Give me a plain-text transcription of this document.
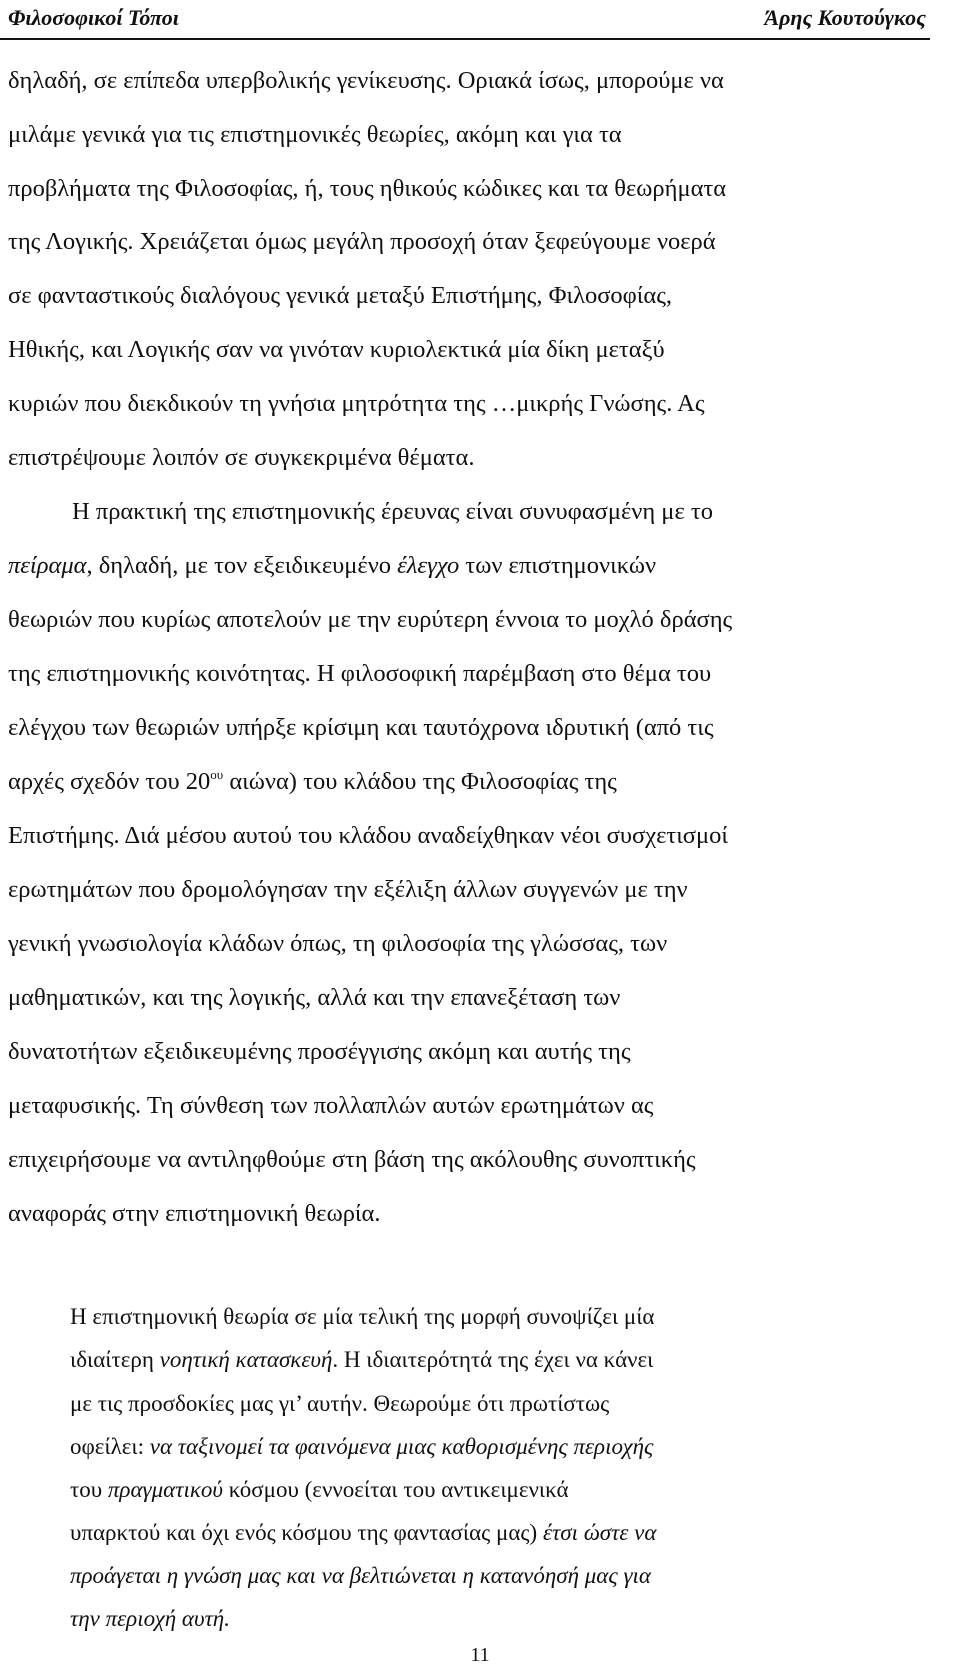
Φιλοσοφικοί Τόποι	Άρης Κουτούγκος
δηλαδή, σε επίπεδα υπερβολικής γενίκευσης. Οριακά ίσως, μπορούμε να
μιλάμε γενικά για τις επιστημονικές θεωρίες, ακόμη και για τα
προβλήματα της Φιλοσοφίας, ή, τους ηθικούς κώδικες και τα θεωρήματα
της Λογικής. Χρειάζεται όμως μεγάλη προσοχή όταν ξεφεύγουμε νοερά
σε φανταστικούς διαλόγους γενικά μεταξύ Επιστήμης, Φιλοσοφίας,
Ηθικής, και Λογικής σαν να γινόταν κυριολεκτικά μία δίκη μεταξύ
κυριών που διεκδικούν τη γνήσια μητρότητα της …μικρής Γνώσης. Ας
επιστρέψουμε λοιπόν σε συγκεκριμένα θέματα.
Η πρακτική της επιστημονικής έρευνας είναι συνυφασμένη με το
πείραμα, δηλαδή, με τον εξειδικευμένο έλεγχο των επιστημονικών
θεωριών που κυρίως αποτελούν με την ευρύτερη έννοια το μοχλό δράσης
της επιστημονικής κοινότητας. Η φιλοσοφική παρέμβαση στο θέμα του
ελέγχου των θεωριών υπήρξε κρίσιμη και ταυτόχρονα ιδρυτική (από τις
αρχές σχεδόν του $20^{o\upsilon}$ αιώνα) του κλάδου της Φιλοσοφίας της
Επιστήμης. Διά μέσου αυτού του κλάδου αναδείχθηκαν νέοι συσχετισμοί
ερωτημάτων που δρομολόγησαν την εξέλιξη άλλων συγγενών με την
γενική γνωσιολογία κλάδων όπως, τη φιλοσοφία της γλώσσας, των
μαθηματικών, και της λογικής, αλλά και την επανεξέταση των
δυνατοτήτων εξειδικευμένης προσέγγισης ακόμη και αυτής της
μεταφυσικής. Τη σύνθεση των πολλαπλών αυτών ερωτημάτων ας
επιχειρήσουμε να αντιληφθούμε στη βάση της ακόλουθης συνοπτικής
αναφοράς στην επιστημονική θεωρία.
Η επιστημονική θεωρία σε μία τελική της μορφή συνοψίζει μία
ιδιαίτερη νοητική κατασκευή. Η ιδιαιτερότητά της έχει να κάνει
με τις προσδοκίες μας γι’ αυτήν. Θεωρούμε ότι πρωτίστως
οφείλει: να ταξινομεί τα φαινόμενα μιας καθορισμένης περιοχής
του πραγματικού κόσμου (εννοείται του αντικειμενικά
υπαρκτού και όχι ενός κόσμου της φαντασίας μας) έτσι ώστε να
προάγεται η γνώση μας και να βελτιώνεται η κατανόησή μας για
την περιοχή αυτή.
11
